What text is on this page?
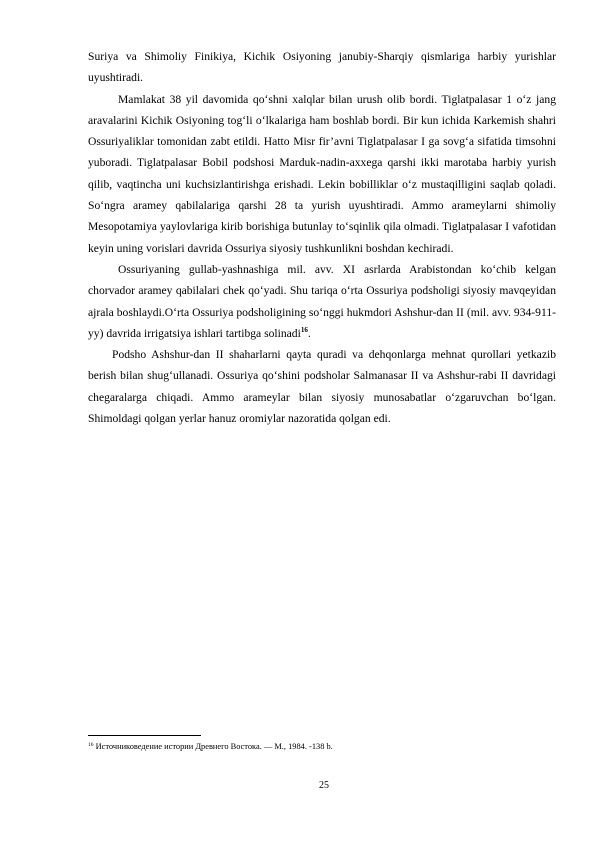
Suriya va Shimoliy Finikiya, Kichik Osiyoning janubiy-Sharqiy qismlariga harbiy yurishlar uyushtiradi.

Mamlakat 38 yil davomida qo‘shni xalqlar bilan urush olib bordi. Tiglatpalasar 1 o‘z jang aravalarini Kichik Osiyoning tog‘li o‘lkalariga ham boshlab bordi. Bir kun ichida Karkemish shahri Ossuriyaliklar tomonidan zabt etildi. Hatto Misr fir’avni Tiglatpalasar I ga sovg‘a sifatida timsohni yuboradi. Tiglatpalasar Bobil podshosi Marduk-nadin-axxega qarshi ikki marotaba harbiy yurish qilib, vaqtincha uni kuchsizlantirishga erishadi. Lekin bobilliklar o‘z mustaqilligini saqlab qoladi. So‘ngra aramey qabilalariga qarshi 28 ta yurish uyushtiradi. Ammo arameylarni shimoliy Mesopotamiya yaylovlariga kirib borishiga butunlay to‘sqinlik qila olmadi. Tiglatpalasar I vafotidan keyin uning vorislari davrida Ossuriya siyosiy tushkunlikni boshdan kechiradi.

Ossuriyaning gullab-yashnashiga mil. avv. XI asrlarda Arabistondan ko‘chib kelgan chorvador aramey qabilalari chek qo‘yadi. Shu tariqa o‘rta Ossuriya podsholigi siyosiy mavqeyidan ajrala boshlaydi.O‘rta Ossuriya podsholigining so‘nggi hukmdori Ashshur-dan II (mil. avv. 934-911-yy) davrida irrigatsiya ishlari tartibga solinadi$^{16}$.

Podsho Ashshur-dan II shaharlarni qayta quradi va dehqonlarga mehnat qurollari yetkazib berish bilan shug‘ullanadi. Ossuriya qo‘shini podsholar Salmanasar II va Ashshur-rabi II davridagi chegaralarga chiqadi. Ammo arameylar bilan siyosiy munosabatlar o‘zgaruvchan bo‘lgan. Shimoldagi qolgan yerlar hanuz oromiylar nazoratida qolgan edi.

$^{16}$ Источниковедение истории Древнего Востока. — М., 1984. -138 b.
25
